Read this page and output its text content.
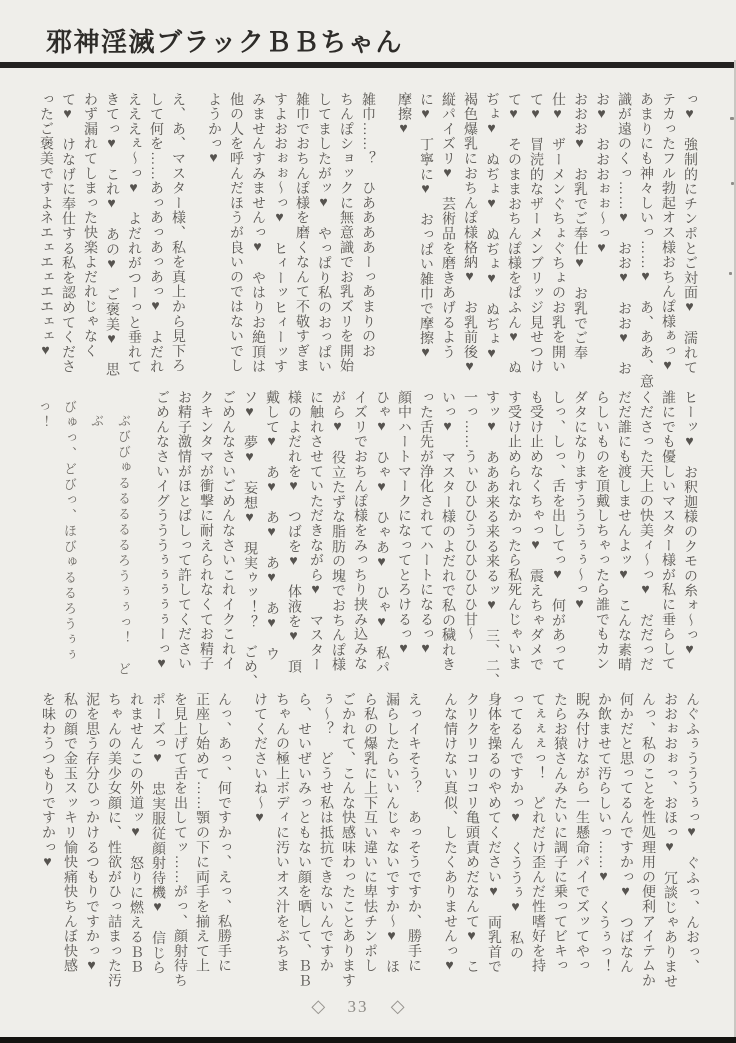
邪神淫滅ブラックＢＢちゃん
っ♥　強制的にチンポとご対面♥　濡れて
テカったフル勃起オス様おちんぽ様ぁっ♥
あまりにも神々しいっ……♥　あ、ああ、意
識が遠のくっ……♥　おお♥　おお♥　お
お♥　おおおぉぉ～っ♥
おおお♥　お乳でご奉仕♥　お乳でご奉
仕♥　ザーメンぐちょぐちょのお乳を開い
て♥　冒涜的なザーメンブリッジ見せつけ
て♥　そのままおちんぽ様をぱふん♥　ぬ
ぢょ♥　ぬぢょ♥　ぬぢょ♥　ぬぢょ♥
褐色爆乳におちんぽ様格納♥　お乳前後♥
縦パイズリ♥　芸術品を磨きあげるよう
に♥　丁寧に♥　おっぱい雑巾で摩擦♥
摩擦♥
雑巾……？　ひああああーっあまりのお
ちんぽショックに無意識でお乳ズリを開始
してましたがッ♥　やっぱり私のおっぱい
雑巾でおちんぽ様を磨くなんて不敬すぎま
すよおおぉぉ～っ♥　ヒィーッヒィーッす
みませんすみませんっ♥　やはりお絶頂は
他の人を呼んだほうが良いのではないでし
ようかっ♥
え、あ、マスター様、私を真上から見下ろ
して何を……あっあっあっあっ♥　よだれ
えええぇ～っ♥　よだれがつーっと垂れて
きてっ♥　これ♥　あの♥　ご褒美♥　思
わず漏れてしまった快楽よだれじゃなく
て♥　けなげに奉仕する私を認めてくださ
ったご褒美ですよネエェエェエエェェ♥
ヒーッ♥　お釈迦様のクモの糸ォ～っ♥
誰にでも優しいマスター様が私に垂らして
くださった天上の快美ィ～っ♥　だだっだ
だだ誰にも渡しませんよッ♥　こんな素晴
らしいものを頂戴しちゃったら誰でもカン
ダタになりますうううぅぅ～っ♥
しっ、しっ、舌を出してっ♥　何があって
も受け止めなくちゃっ♥　震えちゃダメで
す受け止められなかったら私死んじゃいま
すッ♥　あああ来る来る来るッ♥　三、二、
一っ……うぃひひひうひひひひひ甘～
いっ♥　マスター様のよだれで私の穢れき
った舌先が浄化されてハートになるっ♥
顔中ハートマークになってとろけるっ♥
ひゃ♥　ひゃ♥　ひゃあ♥　ひゃ♥　私パ
イズリでおちんぽ様をみっちり挟み込みな
がら♥　役立たずな脂肪の塊でおちんぽ様
に触れさせていただきながら♥　マスター
様のよだれを♥　つばを♥　体液を♥　頂
戴して♥　あ♥　あ♥　あ♥　あ♥　ウ
ソ♥　夢♥　妄想♥　現実ゥッ！？　ごめ、
ごめんなさいごめんなさいこれイクこれイ
クキンタマが衝撃に耐えられなくてお精子
お精子激情がほとばしって許してください
ごめんなさいイグうううぅぅぅぅぅーっ♥
ぶびびゅるるるるるろうぅぅっ！　どぶ
びゅっ、どびっ、ほびゅるるろうぅぅっ！
んぐふぅうううぅっ♥　ぐふっ、んおっ、
おおぉおぉっ、おほっ♥　冗談じゃありませ
んっ、私のことを性処理用の便利アイテムか
何かだと思ってるんですかっ♥　つばなん
か飲ませて汚らしいっ……♥　くうぅっ！
睨み付けながら一生懸命パイでズッてやっ
たらお猿さんみたいに調子に乗ってビキっ
てぇぇぇっ！　どれだけ歪んだ性嗜好を持
ってるんですかっ♥　くううぅ♥　私の
身体を操るのやめてください♥　両乳首で
クリクリコリコリ亀頭責めだなんて♥　こ
んな情けない真似、したくありませんっ♥
えっイキそう？　あっそうですか、勝手に
漏らしたらいいんじゃないですか～♥　ほ
ら私の爆乳に上下互い違いに卑怯チンポし
ごかれて、こんな快感味わったことあります
ぅ～？　どうせ私は抵抗できないんですか
ら、せいぜいみっともない顔を晒して、ＢＢ
ちゃんの極上ボディに汚いオス汁をぶちま
けてくださいね～♥
んっ、あっ、何ですかっ、えっ、私勝手に
正座し始めて……顎の下に両手を揃えて上
を見上げて舌を出してッ……がっ、顔射待ち
ポーズっ♥　忠実服従顔射待機♥　信じら
れませんこの外道ッ♥　怒りに燃えるＢＢ
ちゃんの美少女顔に、性欲がひっ詰まった汚
泥を思う存分ひっかけるつもりですかっ♥
私の顔で金玉スッキリ愉快痛快ちんぼ快感
を味わうつもりですかっ♥
◇ 33 ◇
